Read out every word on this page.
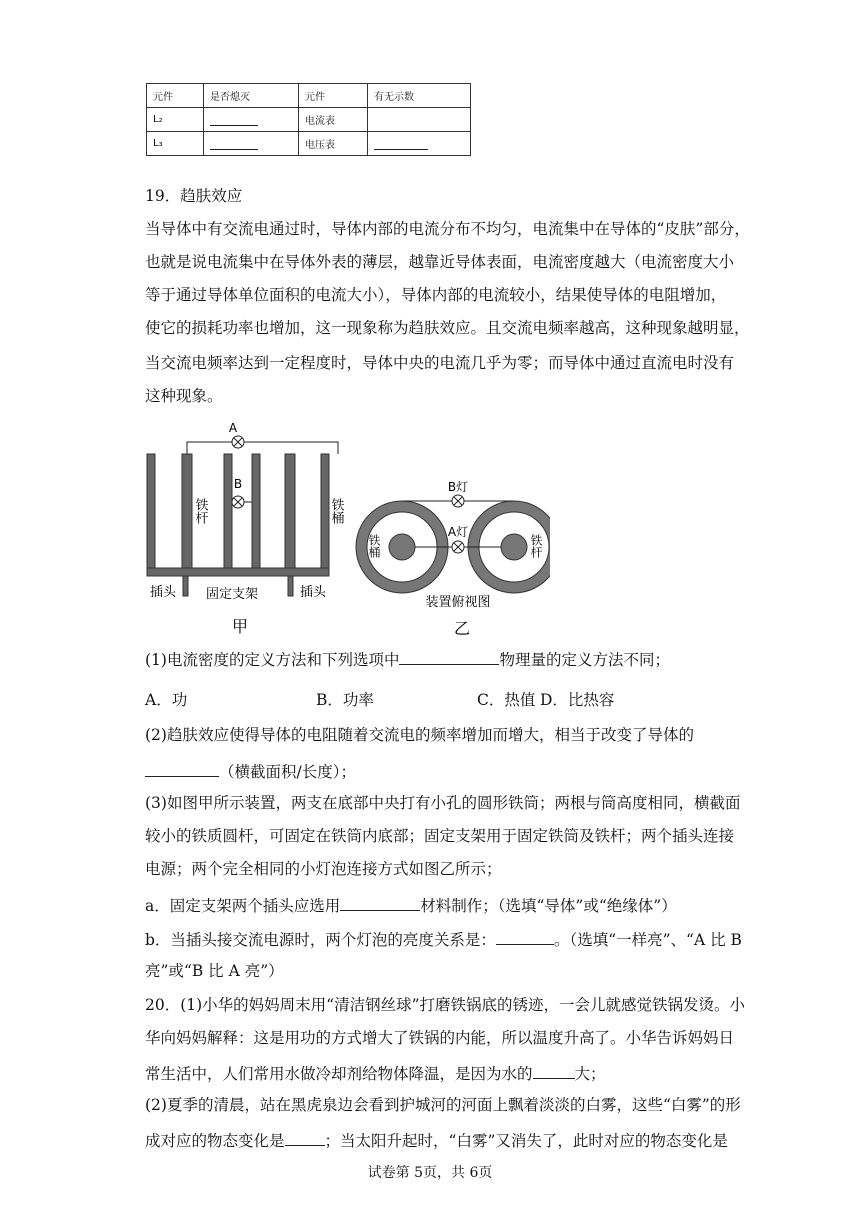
元件	是否熄灭	元件	有无示数
L₂		电流表	
L₃		电压表	
19．趋肤效应
当导体中有交流电通过时，导体内部的电流分布不均匀，电流集中在导体的“皮肤”部分，
也就是说电流集中在导体外表的薄层，越靠近导体表面，电流密度越大（电流密度大小
等于通过导体单位面积的电流大小），导体内部的电流较小，结果使导体的电阻增加，
使它的损耗功率也增加，这一现象称为趋肤效应。且交流电频率越高，这种现象越明显，
当交流电频率达到一定程度时，导体中央的电流几乎为零；而导体中通过直流电时没有
这种现象。
A
B
铁杆	铁桶
插头	插头
固定支架
甲
B灯
A灯
铁桶	铁杆
装置俯视图
乙
(1)电流密度的定义方法和下列选项中	物理量的定义方法不同；
A．功	B．功率	C．热值 D．比热容
(2)趋肤效应使得导体的电阻随着交流电的频率增加而增大，相当于改变了导体的
（横截面积/长度）；
(3)如图甲所示装置，两支在底部中央打有小孔的圆形铁筒；两根与筒高度相同，横截面
较小的铁质圆杆，可固定在铁筒内底部；固定支架用于固定铁筒及铁杆；两个插头连接
电源；两个完全相同的小灯泡连接方式如图乙所示；
a．固定支架两个插头应选用	材料制作；（选填“导体”或“绝缘体”）
b．当插头接交流电源时，两个灯泡的亮度关系是：	。（选填“一样亮”、“A 比 B
亮”或“B 比 A 亮”）
20．(1)小华的妈妈周末用“清洁钢丝球”打磨铁锅底的锈迹，一会儿就感觉铁锅发烫。小
华向妈妈解释：这是用功的方式增大了铁锅的内能，所以温度升高了。小华告诉妈妈日
常生活中，人们常用水做冷却剂给物体降温，是因为水的	大；
(2)夏季的清晨，站在黑虎泉边会看到护城河的河面上飘着淡淡的白雾，这些“白雾”的形
成对应的物态变化是	；当太阳升起时，“白雾”又消失了，此时对应的物态变化是
试卷第 5页，共 6页
